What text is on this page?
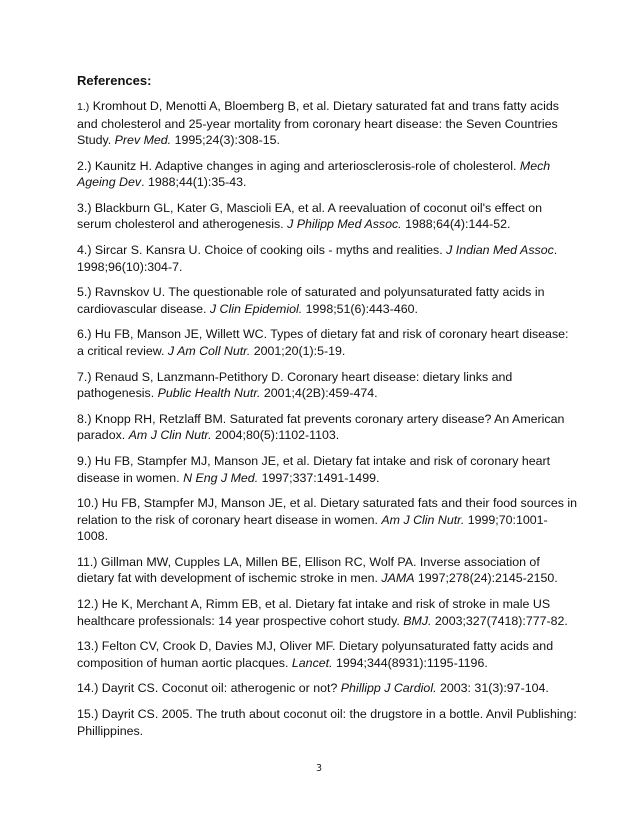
References:

1.) Kromhout D, Menotti A, Bloemberg B, et al. Dietary saturated fat and trans fatty acids and cholesterol and 25-year mortality from coronary heart disease: the Seven Countries Study. Prev Med. 1995;24(3):308-15.

2.) Kaunitz H. Adaptive changes in aging and arteriosclerosis-role of cholesterol. Mech Ageing Dev. 1988;44(1):35-43.

3.) Blackburn GL, Kater G, Mascioli EA, et al. A reevaluation of coconut oil's effect on serum cholesterol and atherogenesis. J Philipp Med Assoc. 1988;64(4):144-52.

4.) Sircar S. Kansra U. Choice of cooking oils - myths and realities. J Indian Med Assoc. 1998;96(10):304-7.

5.) Ravnskov U. The questionable role of saturated and polyunsaturated fatty acids in cardiovascular disease. J Clin Epidemiol. 1998;51(6):443-460.

6.) Hu FB, Manson JE, Willett WC. Types of dietary fat and risk of coronary heart disease: a critical review. J Am Coll Nutr. 2001;20(1):5-19.

7.) Renaud S, Lanzmann-Petithory D. Coronary heart disease: dietary links and pathogenesis. Public Health Nutr. 2001;4(2B):459-474.

8.) Knopp RH, Retzlaff BM. Saturated fat prevents coronary artery disease? An American paradox. Am J Clin Nutr. 2004;80(5):1102-1103.

9.) Hu FB, Stampfer MJ, Manson JE, et al. Dietary fat intake and risk of coronary heart disease in women. N Eng J Med. 1997;337:1491-1499.

10.) Hu FB, Stampfer MJ, Manson JE, et al. Dietary saturated fats and their food sources in relation to the risk of coronary heart disease in women. Am J Clin Nutr. 1999;70:1001-1008.

11.) Gillman MW, Cupples LA, Millen BE, Ellison RC, Wolf PA. Inverse association of dietary fat with development of ischemic stroke in men. JAMA 1997;278(24):2145-2150.

12.) He K, Merchant A, Rimm EB, et al. Dietary fat intake and risk of stroke in male US healthcare professionals: 14 year prospective cohort study. BMJ. 2003;327(7418):777-82.

13.) Felton CV, Crook D, Davies MJ, Oliver MF. Dietary polyunsaturated fatty acids and composition of human aortic placques. Lancet. 1994;344(8931):1195-1196.

14.) Dayrit CS. Coconut oil: atherogenic or not? Phillipp J Cardiol. 2003: 31(3):97-104.

15.) Dayrit CS. 2005. The truth about coconut oil: the drugstore in a bottle. Anvil Publishing: Phillippines.

3
